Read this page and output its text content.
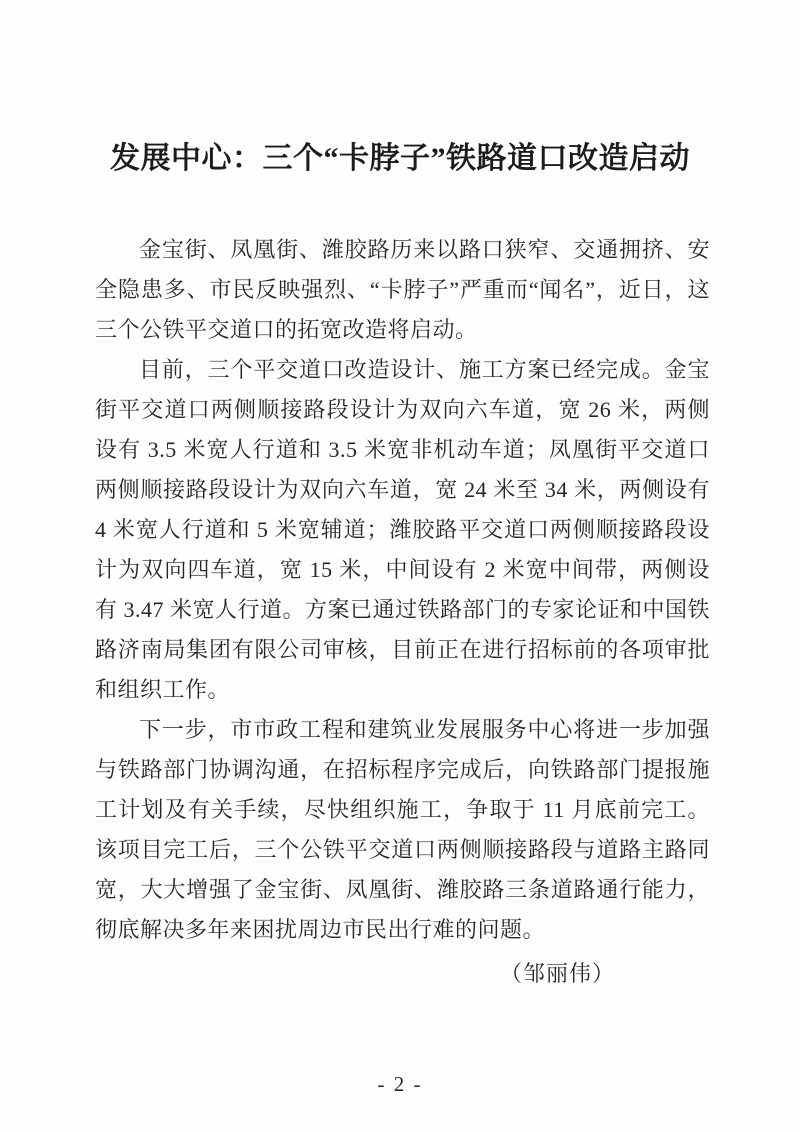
发展中心：三个“卡脖子”铁路道口改造启动

金宝街、凤凰街、潍胶路历来以路口狭窄、交通拥挤、安全隐患多、市民反映强烈、“卡脖子”严重而“闻名”，近日，这三个公铁平交道口的拓宽改造将启动。

目前，三个平交道口改造设计、施工方案已经完成。金宝街平交道口两侧顺接路段设计为双向六车道，宽 26 米，两侧设有 3.5 米宽人行道和 3.5 米宽非机动车道；凤凰街平交道口两侧顺接路段设计为双向六车道，宽 24 米至 34 米，两侧设有 4 米宽人行道和 5 米宽辅道；潍胶路平交道口两侧顺接路段设计为双向四车道，宽 15 米，中间设有 2 米宽中间带，两侧设有 3.47 米宽人行道。方案已通过铁路部门的专家论证和中国铁路济南局集团有限公司审核，目前正在进行招标前的各项审批和组织工作。

下一步，市市政工程和建筑业发展服务中心将进一步加强与铁路部门协调沟通，在招标程序完成后，向铁路部门提报施工计划及有关手续，尽快组织施工，争取于 11 月底前完工。该项目完工后，三个公铁平交道口两侧顺接路段与道路主路同宽，大大增强了金宝街、凤凰街、潍胶路三条道路通行能力，彻底解决多年来困扰周边市民出行难的问题。

（邹丽伟）
- 2 -
